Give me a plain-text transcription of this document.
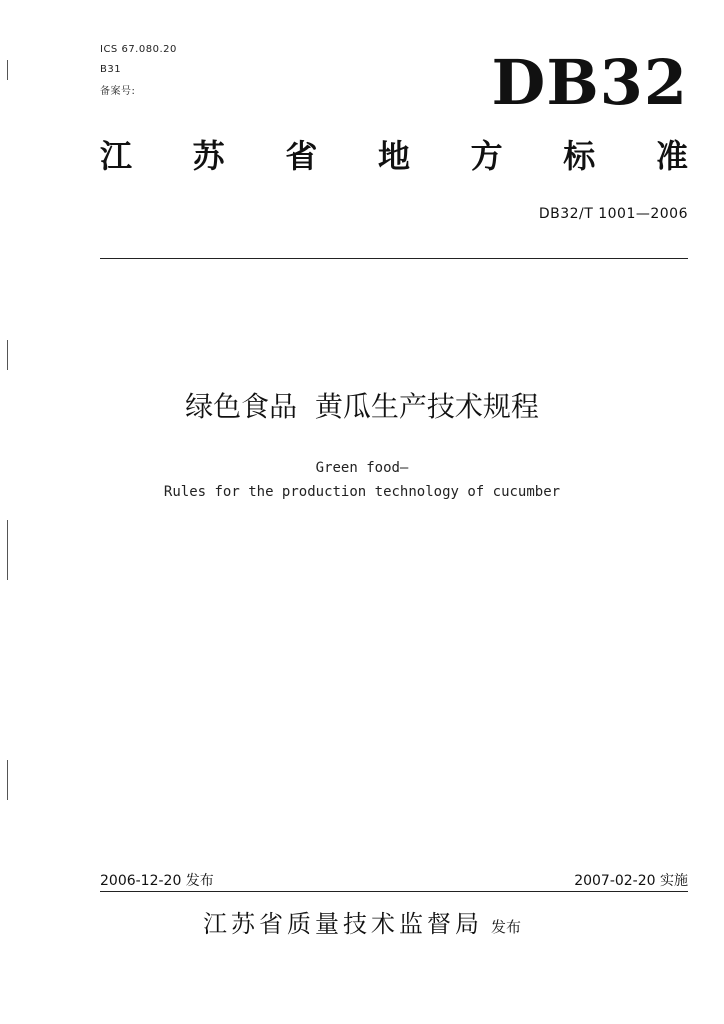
ICS 67.080.20
B31
备案号:	DB32
江 苏 省 地 方 标 准
DB32/T 1001—2006
绿色食品  黄瓜生产技术规程
Green food—
Rules for the production technology of cucumber
2006-12-20 发布	2007-02-20 实施
江苏省质量技术监督局 发布
